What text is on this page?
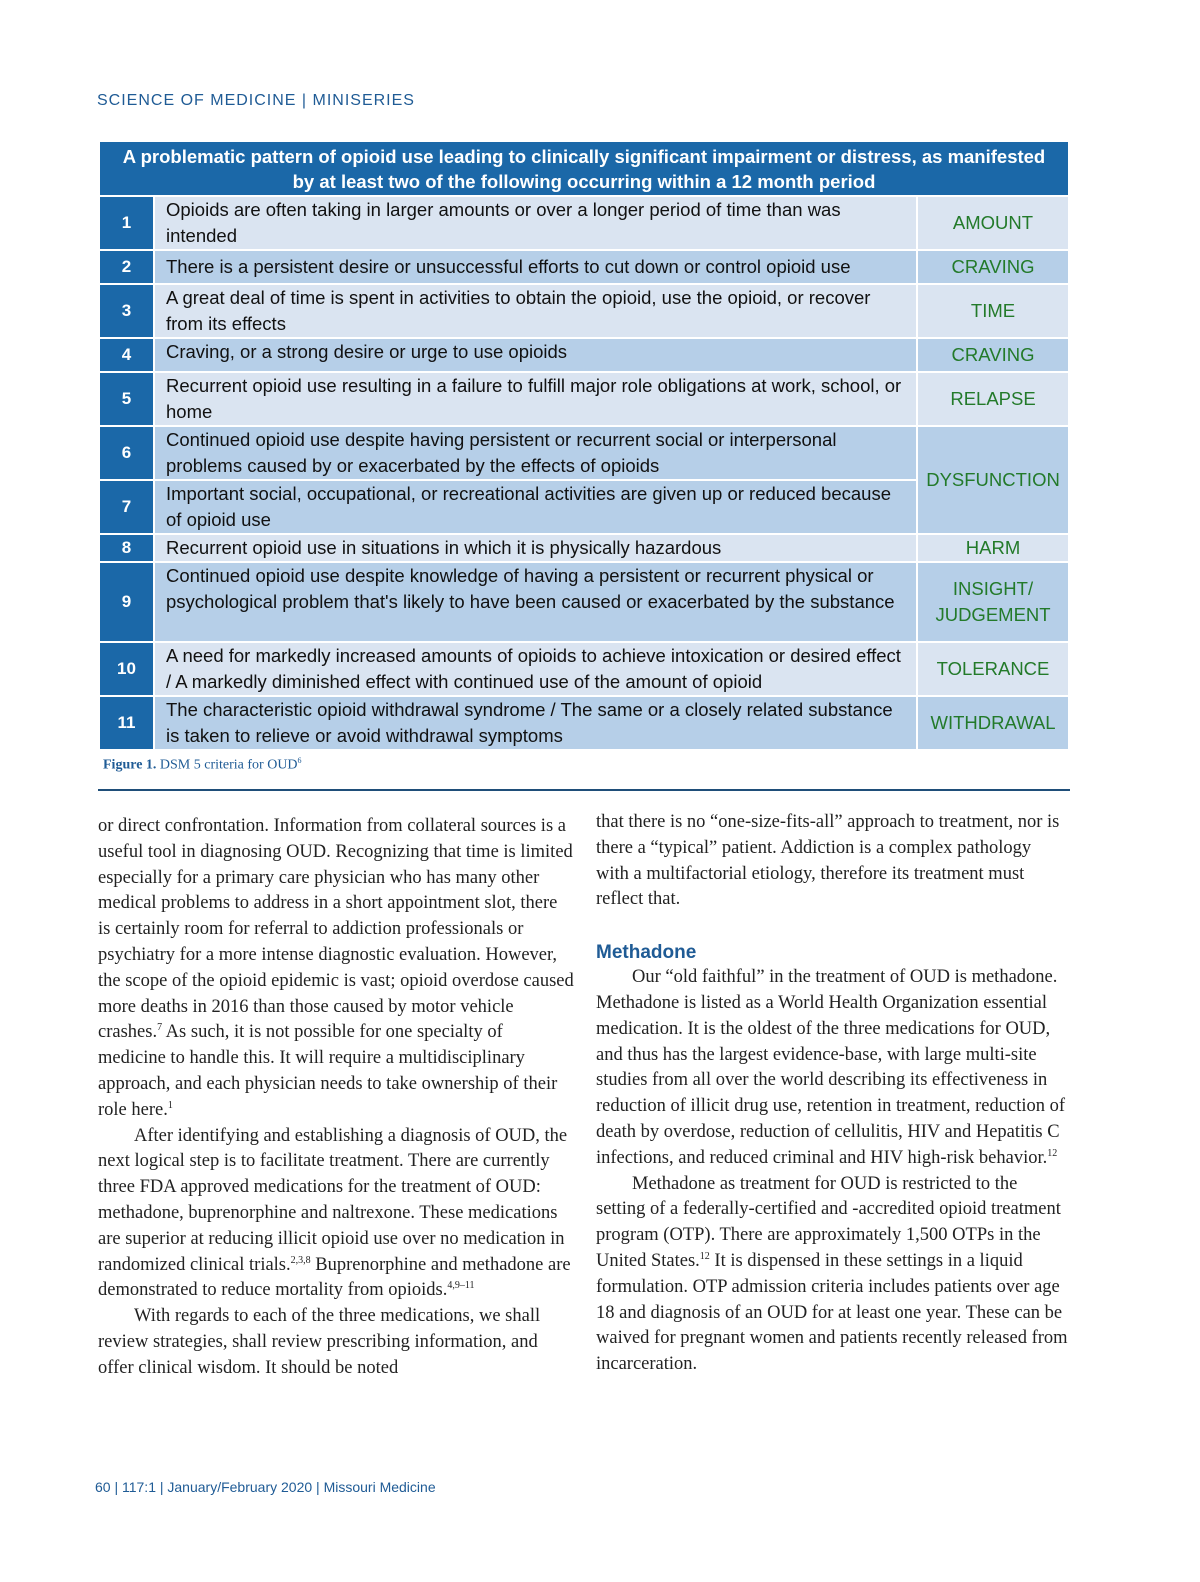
SCIENCE OF MEDICINE | MINISERIES
A problematic pattern of opioid use leading to clinically significant impairment or distress, as manifested by at least two of the following occurring within a 12 month period		
1	Opioids are often taking in larger amounts or over a longer period of time than was intended	AMOUNT
2	There is a persistent desire or unsuccessful efforts to cut down or control opioid use	CRAVING
3	A great deal of time is spent in activities to obtain the opioid, use the opioid, or recover from its effects	TIME
4	Craving, or a strong desire or urge to use opioids	CRAVING
5	Recurrent opioid use resulting in a failure to fulfill major role obligations at work, school, or home	RELAPSE
6	Continued opioid use despite having persistent or recurrent social or interpersonal problems caused by or exacerbated by the effects of opioids	DYSFUNCTION
7	Important social, occupational, or recreational activities are given up or reduced because of opioid use	
8	Recurrent opioid use in situations in which it is physically hazardous	HARM
9	Continued opioid use despite knowledge of having a persistent or recurrent physical or psychological problem that's likely to have been caused or exacerbated by the substance	INSIGHT/ JUDGEMENT
10	A need for markedly increased amounts of opioids to achieve intoxication or desired effect / A markedly diminished effect with continued use of the amount of opioid	TOLERANCE
11	The characteristic opioid withdrawal syndrome / The same or a closely related substance is taken to relieve or avoid withdrawal symptoms	WITHDRAWAL
Figure 1. DSM 5 criteria for OUD$^6$

or direct confrontation. Information from collateral sources is a useful tool in diagnosing OUD. Recognizing that time is limited especially for a primary care physician who has many other medical problems to address in a short appointment slot, there is certainly room for referral to addiction professionals or psychiatry for a more intense diagnostic evaluation. However, the scope of the opioid epidemic is vast; opioid overdose caused more deaths in 2016 than those caused by motor vehicle crashes.$^7$ As such, it is not possible for one specialty of medicine to handle this. It will require a multidisciplinary approach, and each physician needs to take ownership of their role here.$^1$

After identifying and establishing a diagnosis of OUD, the next logical step is to facilitate treatment. There are currently three FDA approved medications for the treatment of OUD: methadone, buprenorphine and naltrexone. These medications are superior at reducing illicit opioid use over no medication in randomized clinical trials.$^{2,3,8}$ Buprenorphine and methadone are demonstrated to reduce mortality from opioids.$^{4,9-11}$

With regards to each of the three medications, we shall review strategies, shall review prescribing information, and offer clinical wisdom. It should be noted

that there is no “one-size-fits-all” approach to treatment, nor is there a “typical” patient. Addiction is a complex pathology with a multifactorial etiology, therefore its treatment must reflect that.

Methadone

Our “old faithful” in the treatment of OUD is methadone. Methadone is listed as a World Health Organization essential medication. It is the oldest of the three medications for OUD, and thus has the largest evidence-base, with large multi-site studies from all over the world describing its effectiveness in reduction of illicit drug use, retention in treatment, reduction of death by overdose, reduction of cellulitis, HIV and Hepatitis C infections, and reduced criminal and HIV high-risk behavior.$^{12}$

Methadone as treatment for OUD is restricted to the setting of a federally-certified and -accredited opioid treatment program (OTP). There are approximately 1,500 OTPs in the United States.$^{12}$ It is dispensed in these settings in a liquid formulation. OTP admission criteria includes patients over age 18 and diagnosis of an OUD for at least one year. These can be waived for pregnant women and patients recently released from incarceration.

60 | 117:1 | January/February 2020 | Missouri Medicine
